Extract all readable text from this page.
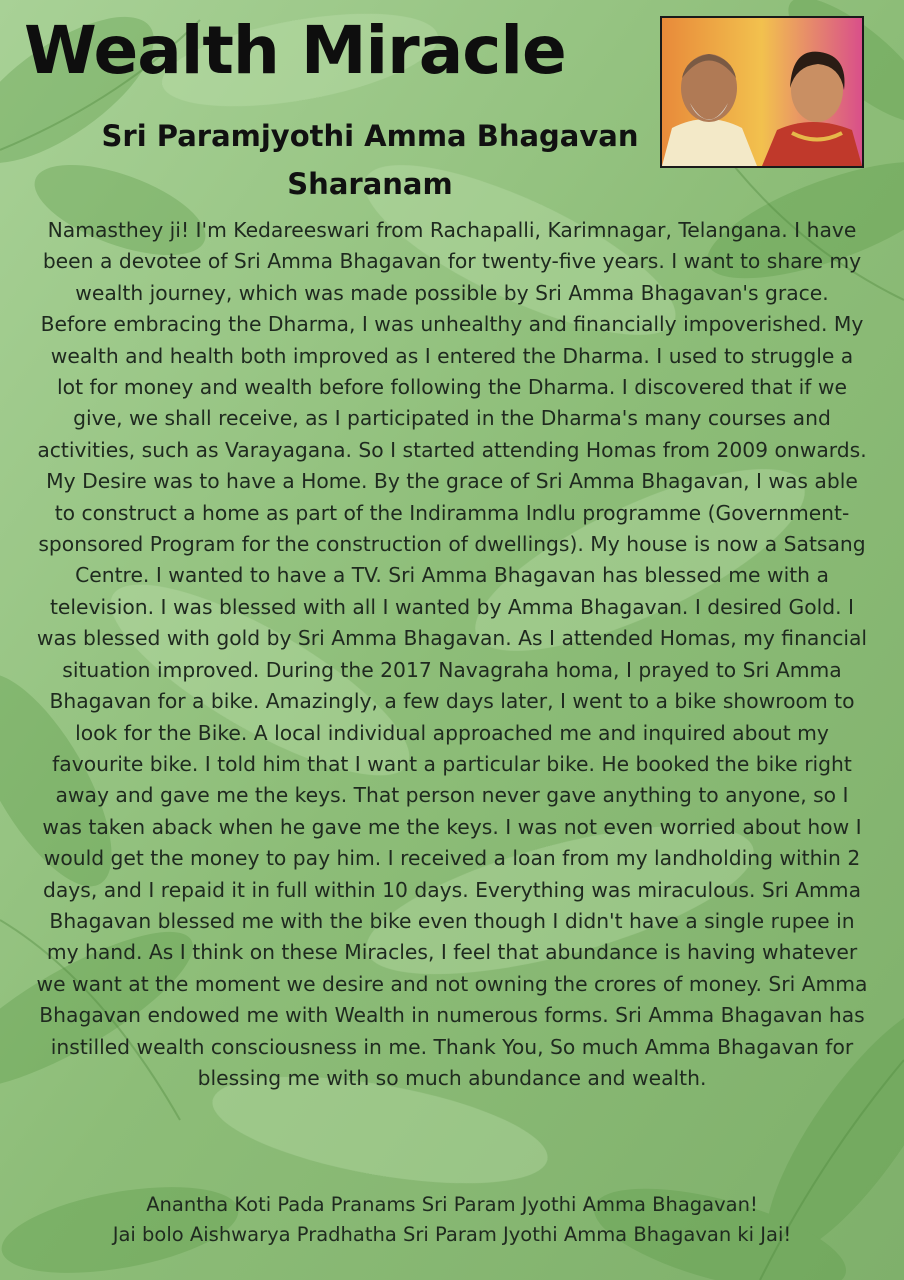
Wealth Miracle
Sri Paramjyothi Amma Bhagavan Sharanam

Namasthey ji! I'm Kedareeswari from Rachapalli, Karimnagar, Telangana. I have been a devotee of Sri Amma Bhagavan for twenty-five years. I want to share my wealth journey, which was made possible by Sri Amma Bhagavan's grace.

Before embracing the Dharma, I was unhealthy and financially impoverished. My wealth and health both improved as I entered the Dharma. I used to struggle a lot for money and wealth before following the Dharma. I discovered that if we give, we shall receive, as I participated in the Dharma's many courses and activities, such as Varayagana. So I started attending Homas from 2009 onwards. My Desire was to have a Home. By the grace of Sri Amma Bhagavan, I was able to construct a home as part of the Indiramma Indlu programme (Government-sponsored Program for the construction of dwellings). My house is now a Satsang Centre. I wanted to have a TV. Sri Amma Bhagavan has blessed me with a television. I was blessed with all I wanted by Amma Bhagavan. I desired Gold. I was blessed with gold by Sri Amma Bhagavan. As I attended Homas, my financial situation improved. During the 2017 Navagraha homa, I prayed to Sri Amma Bhagavan for a bike. Amazingly, a few days later, I went to a bike showroom to look for the Bike. A local individual approached me and inquired about my favourite bike. I told him that I want a particular bike. He booked the bike right away and gave me the keys. That person never gave anything to anyone, so I was taken aback when he gave me the keys. I was not even worried about how I would get the money to pay him. I received a loan from my landholding within 2 days, and I repaid it in full within 10 days. Everything was miraculous. Sri Amma Bhagavan blessed me with the bike even though I didn't have a single rupee in my hand. As I think on these Miracles, I feel that abundance is having whatever we want at the moment we desire and not owning the crores of money. Sri Amma Bhagavan endowed me with Wealth in numerous forms. Sri Amma Bhagavan has instilled wealth consciousness in me. Thank You, So much Amma Bhagavan for blessing me with so much abundance and wealth.

Anantha Koti Pada Pranams Sri Param Jyothi Amma Bhagavan!

Jai bolo Aishwarya Pradhatha Sri Param Jyothi Amma Bhagavan ki Jai!
